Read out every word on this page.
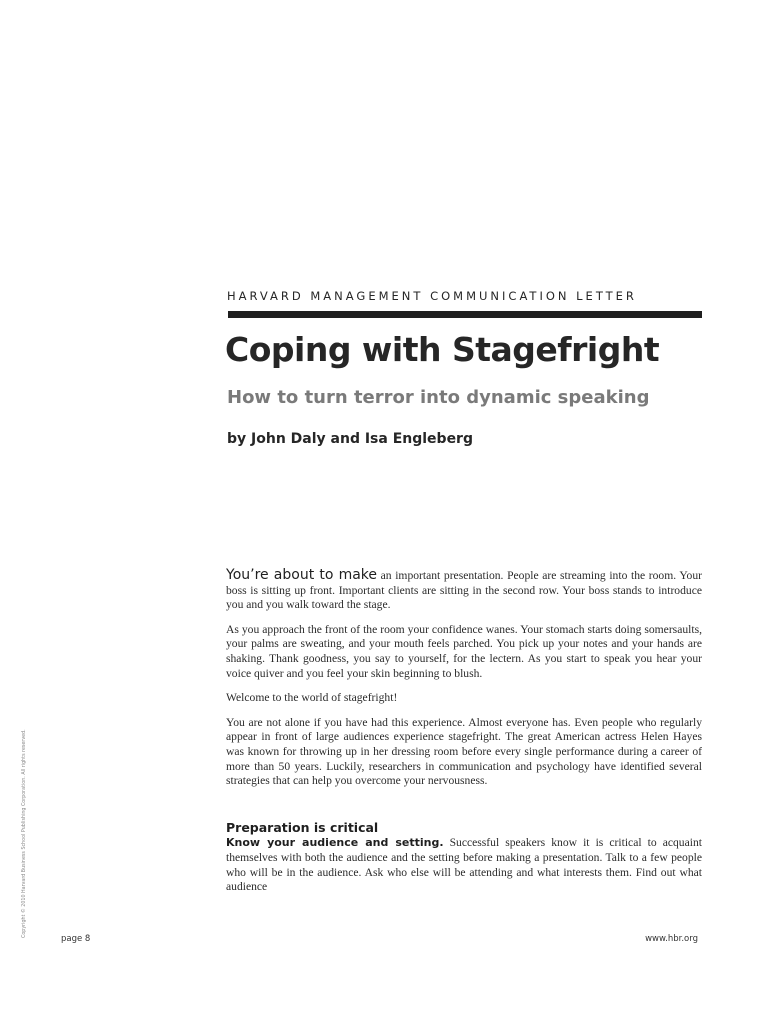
HARVARD MANAGEMENT COMMUNICATION LETTER
Coping with Stagefright
How to turn terror into dynamic speaking
by John Daly and Isa Engleberg

You’re about to make an important presentation. People are streaming into the room. Your boss is sitting up front. Important clients are sitting in the second row. Your boss stands to introduce you and you walk toward the stage.

As you approach the front of the room your confidence wanes. Your stomach starts doing somersaults, your palms are sweating, and your mouth feels parched. You pick up your notes and your hands are shaking. Thank goodness, you say to yourself, for the lectern. As you start to speak you hear your voice quiver and you feel your skin beginning to blush.

Welcome to the world of stagefright!

You are not alone if you have had this experience. Almost everyone has. Even people who regularly appear in front of large audiences experience stagefright. The great American actress Helen Hayes was known for throwing up in her dressing room before every single performance during a career of more than 50 years. Luckily, researchers in communication and psychology have identified several strategies that can help you overcome your nervousness.

Preparation is critical

Know your audience and setting. Successful speakers know it is critical to acquaint themselves with both the audience and the setting before making a presentation. Talk to a few people who will be in the audience. Ask who else will be attending and what interests them. Find out what audience

Copyright © 2010 Harvard Business School Publishing Corporation. All rights reserved.
page 8	www.hbr.org
